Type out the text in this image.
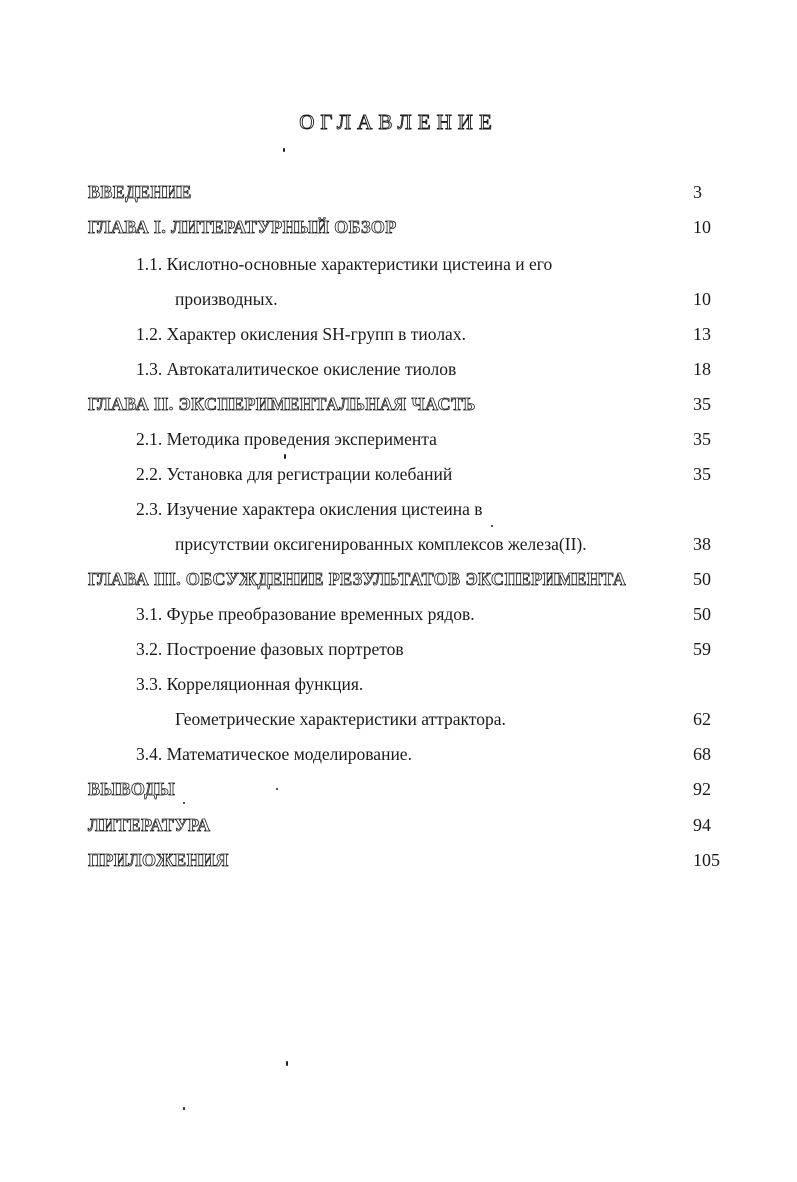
ОГЛАВЛЕНИЕ
ВВЕДЕНИЕ	3
ГЛАВА I. ЛИТЕРАТУРНЫЙ ОБЗОР	10
1.1. Кислотно-основные характеристики цистеина и его
производных.	10
1.2. Характер окисления SH-групп в тиолах.	13
1.3. Автокаталитическое окисление тиолов	18
ГЛАВА II. ЭКСПЕРИМЕНТАЛЬНАЯ ЧАСТЬ	35
2.1. Методика проведения эксперимента	35
2.2. Установка для регистрации колебаний	35
2.3. Изучение характера окисления цистеина в
присутствии оксигенированных комплексов железа(II).	38
ГЛАВА III. ОБСУЖДЕНИЕ РЕЗУЛЬТАТОВ ЭКСПЕРИМЕНТА	50
3.1. Фурье преобразование временных рядов.	50
3.2. Построение фазовых портретов	59
3.3. Корреляционная функция.
Геометрические характеристики аттрактора.	62
3.4. Математическое моделирование.	68
ВЫВОДЫ	92
ЛИТЕРАТУРА	94
ПРИЛОЖЕНИЯ	105
